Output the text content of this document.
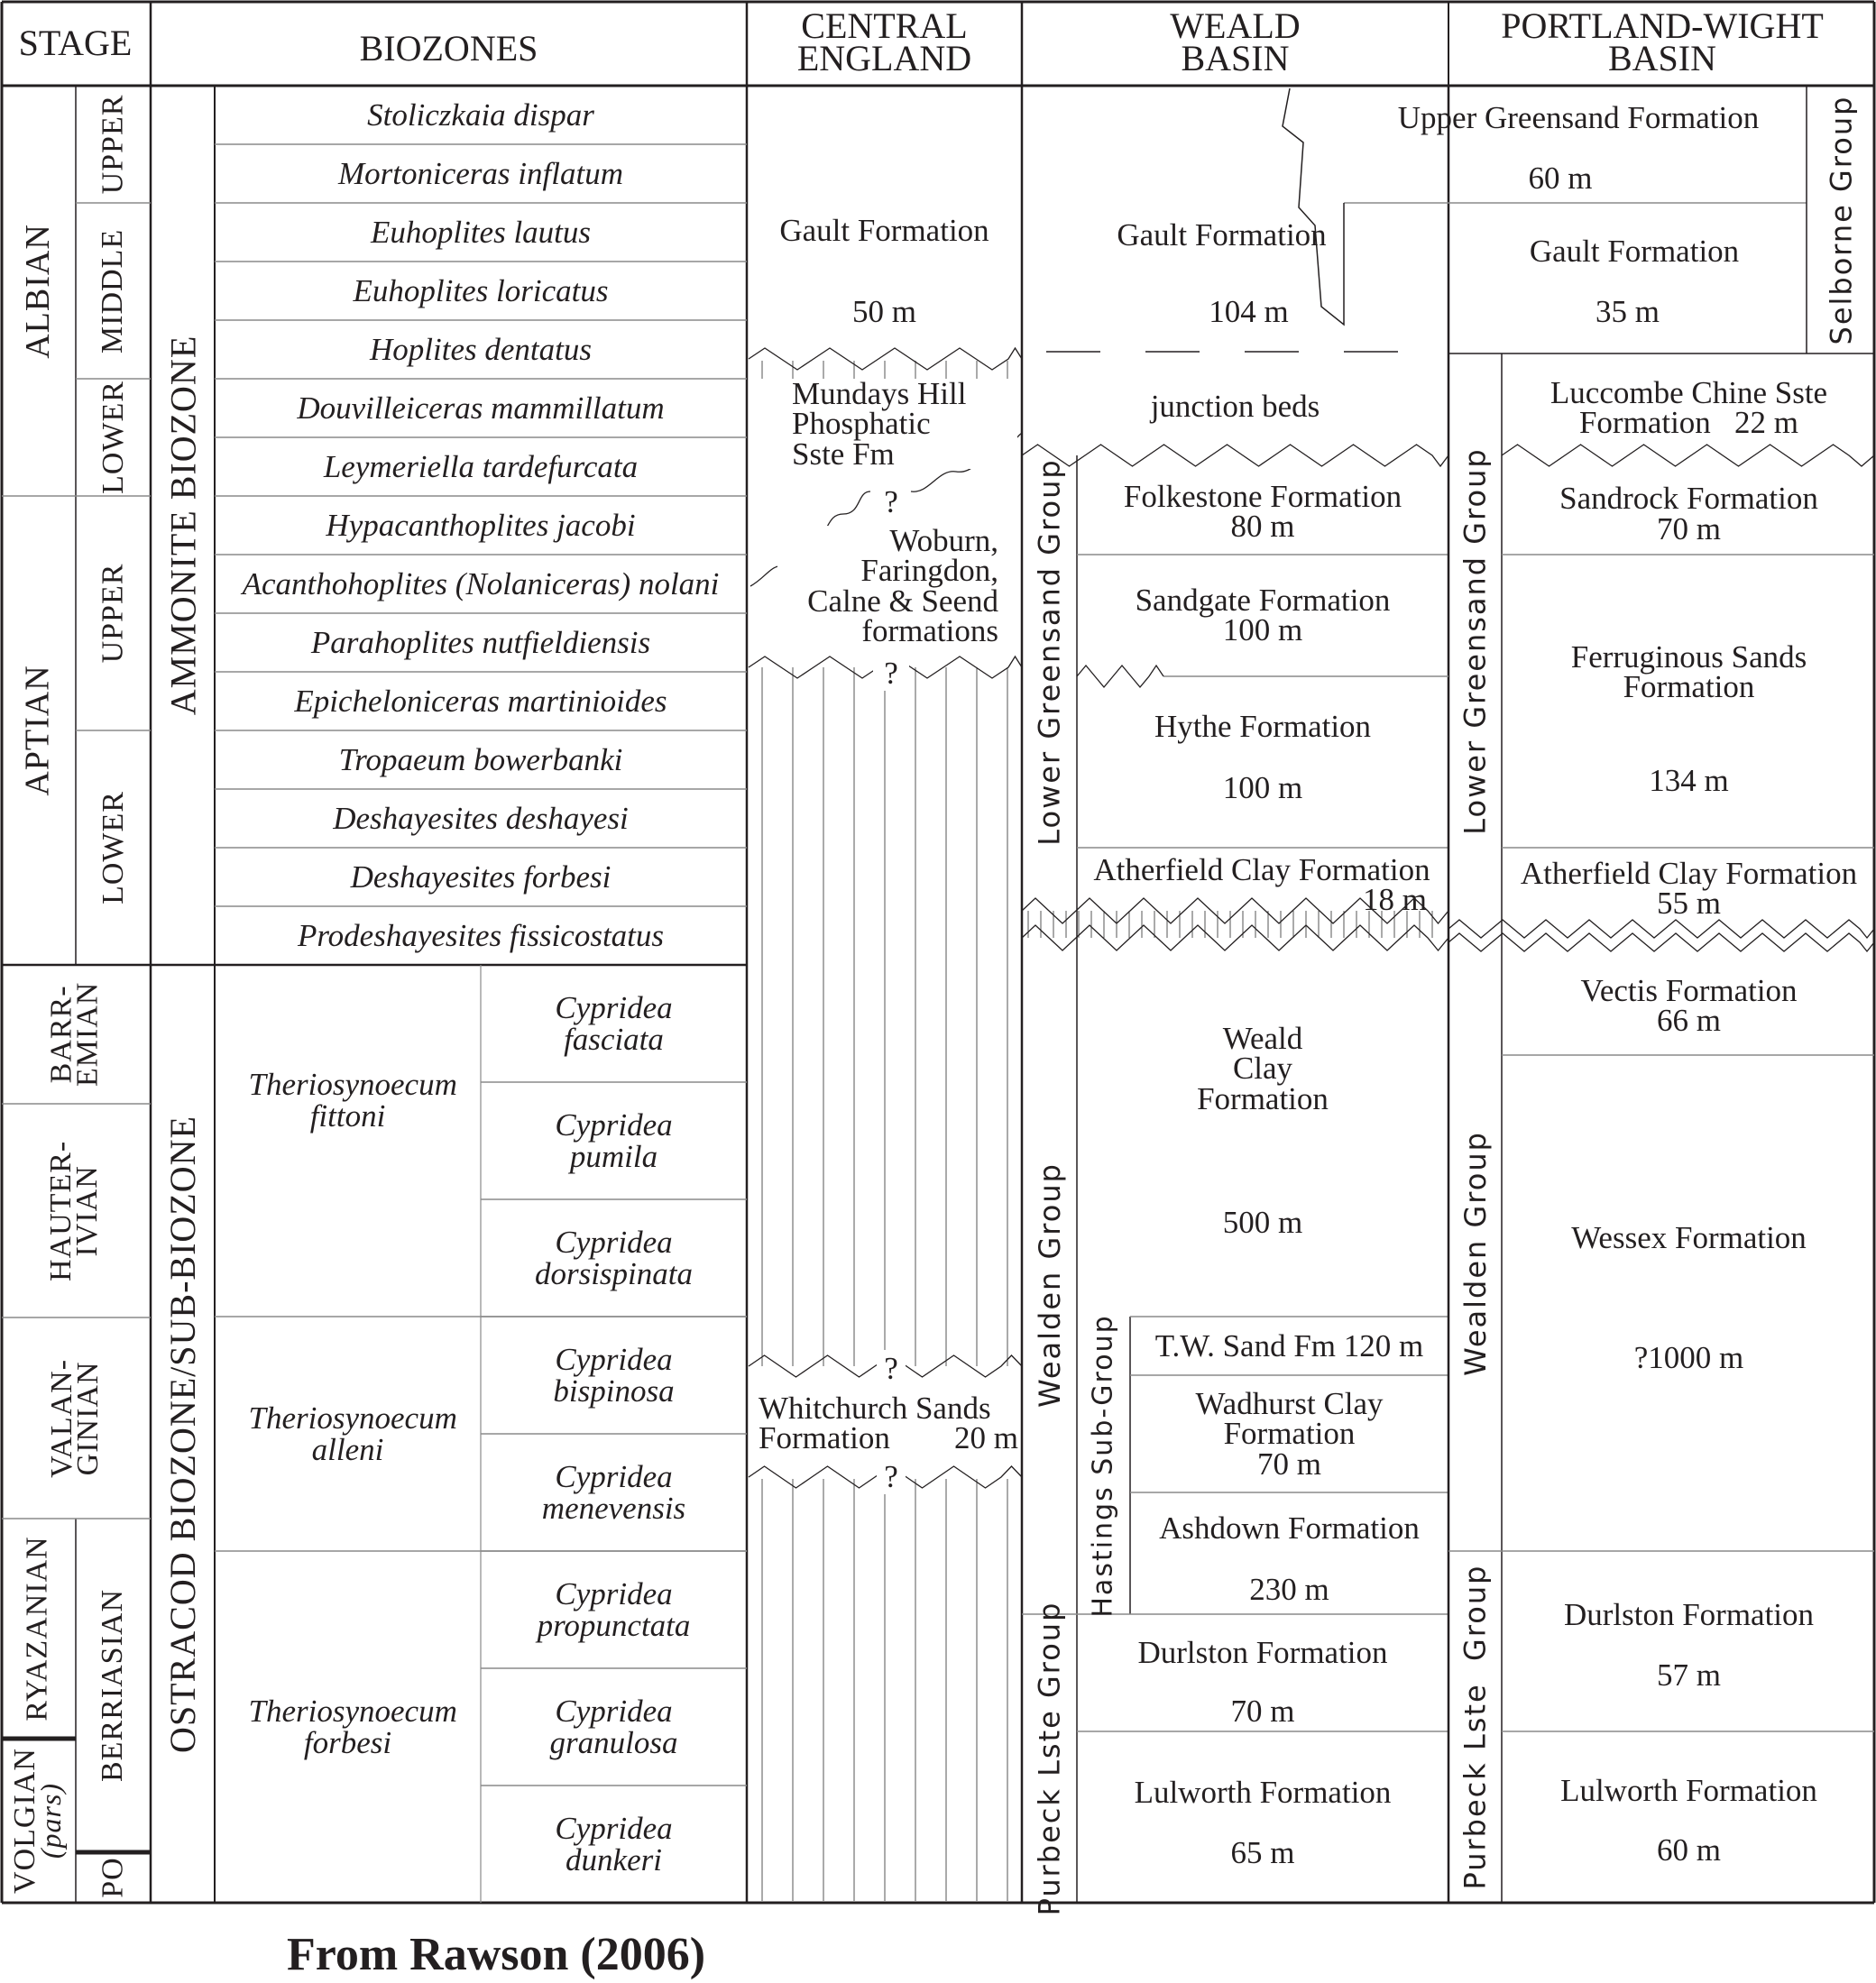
STAGE	BIOZONES
CENTRAL
ENGLAND
WEALD
BASIN
PORTLAND-WIGHT
BASIN
ALBIAN
APTIAN
UPPER
MIDDLE
LOWER
UPPER
LOWER
BARR-
EMIAN
HAUTER-
IVIAN
VALAN-
GINIAN
RYAZANIAN
VOLGIAN
(pars)
BERRIASIAN
PO
AMMONITE BIOZONE
OSTRACOD BIOZONE/SUB-BIOZONE
Stoliczkaia dispar
Mortoniceras inflatum
Euhoplites lautus
Euhoplites loricatus
Hoplites dentatus
Douvilleiceras mammillatum
Leymeriella tardefurcata
Hypacanthoplites jacobi
Acanthohoplites (Nolaniceras) nolani
Parahoplites nutfieldiensis
Epicheloniceras martinioides
Tropaeum bowerbanki
Deshayesites deshayesi
Deshayesites forbesi
Prodeshayesites fissicostatus
Theriosynoecum fittoni
Theriosynoecum alleni
Theriosynoecum forbesi
Cypridea fasciata
Cypridea pumila
Cypridea dorsispinata
Cypridea bispinosa
Cypridea menevensis
Cypridea propunctata
Cypridea granulosa
Cypridea dunkeri
Gault Formation
50 m
Mundays Hill
Phosphatic
Sste Fm
Woburn,
Faringdon,
Calne & Seend
formations
Whitchurch Sands
Formation 20 m
?
?
?
?
Gault Formation
104 m
junction beds
Lower Greensand Group Folkestone Formation
80 m
Sandgate Formation
100 m
Hythe Formation
100 m
Atherfield Clay Formation
18 m
Wealden Group
Weald
Clay
Formation
500 m
Hastings Sub-Group T.W. Sand Fm 120 m
Wadhurst Clay
Formation
70 m
Ashdown Formation
230 m
Purbeck Lste Group Durlston Formation
70 m
Lulworth Formation
65 m
Upper Greensand Formation
60 m	Selborne Group
Gault Formation
35 m
Lower Greensand Group
Luccombe Chine Sste
Formation   22 m
Sandrock Formation
70 m
Ferruginous Sands
Formation
134 m
Atherfield Clay Formation
55 m
Wealden Group
Vectis Formation
66 m
Wessex Formation
?1000 m
Purbeck Lste  Group Durlston Formation
57 m
Lulworth Formation
60 m
From Rawson (2006)
